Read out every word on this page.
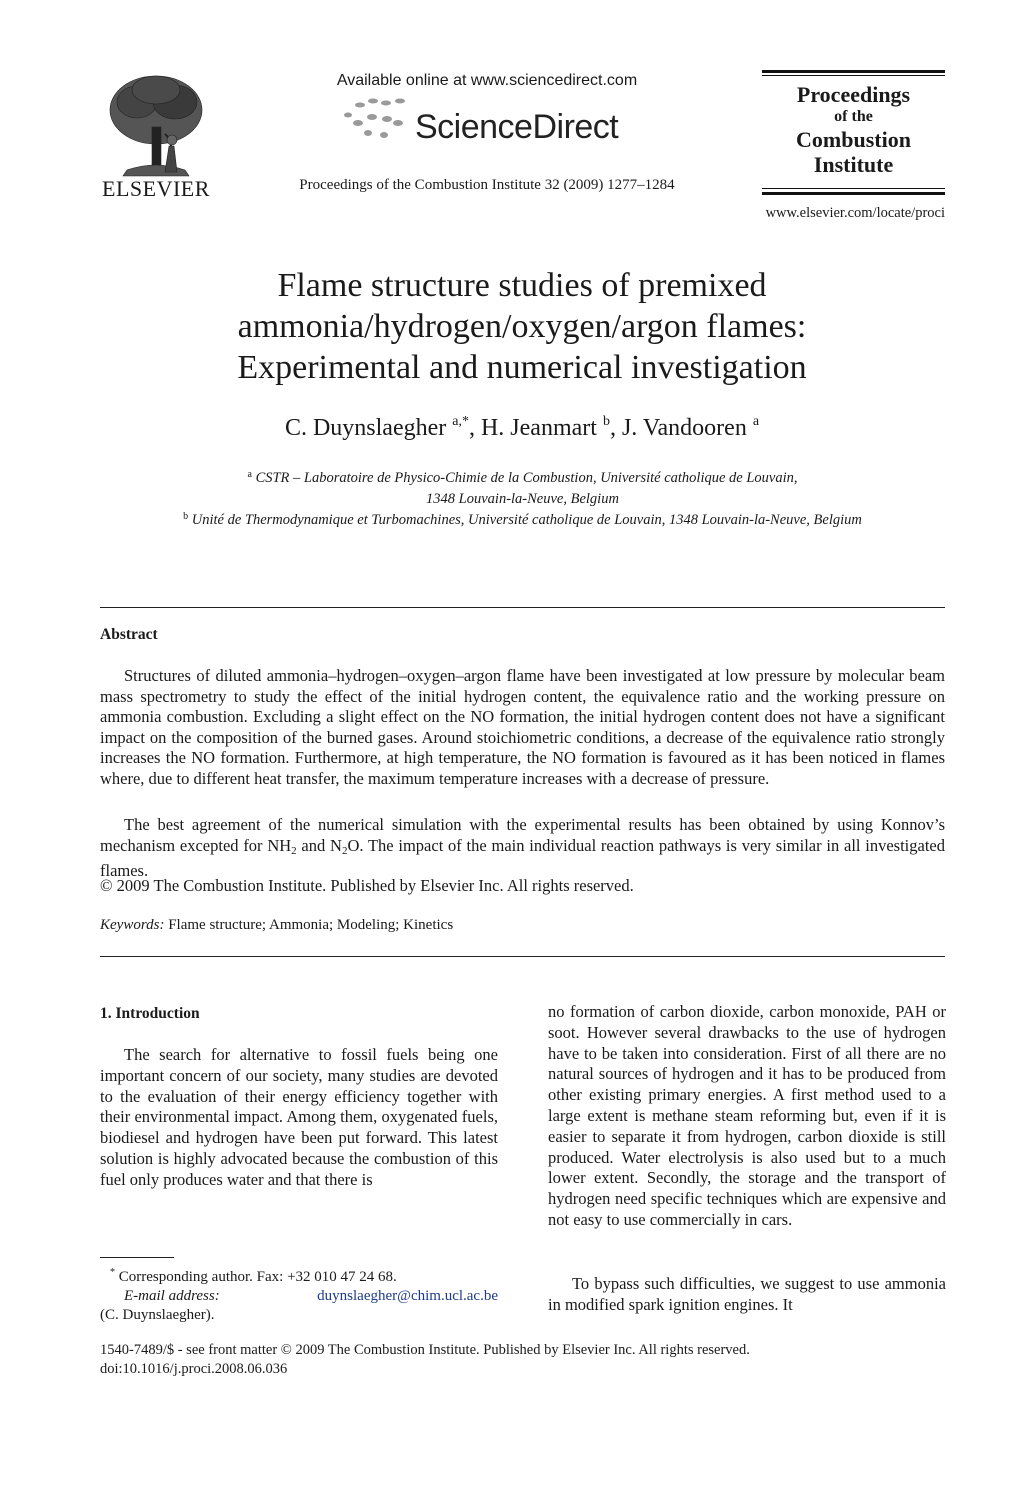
ELSEVIER
Available online at www.sciencedirect.com
ScienceDirect
Proceedings of the Combustion Institute 32 (2009) 1277–1284
Proceedings
of the
Combustion
Institute
www.elsevier.com/locate/proci
Flame structure studies of premixed
ammonia/hydrogen/oxygen/argon flames:
Experimental and numerical investigation
C. Duynslaegher $^{a,*}$, H. Jeanmart $^b$, J. Vandooren $^a$
$^a$ CSTR – Laboratoire de Physico-Chimie de la Combustion, Université catholique de Louvain,
1348 Louvain-la-Neuve, Belgium
$^b$ Unité de Thermodynamique et Turbomachines, Université catholique de Louvain, 1348 Louvain-la-Neuve, Belgium
Abstract
Structures of diluted ammonia–hydrogen–oxygen–argon flame have been investigated at low pressure by molecular beam mass spectrometry to study the effect of the initial hydrogen content, the equivalence ratio and the working pressure on ammonia combustion. Excluding a slight effect on the NO formation, the initial hydrogen content does not have a significant impact on the composition of the burned gases. Around stoichiometric conditions, a decrease of the equivalence ratio strongly increases the NO formation. Furthermore, at high temperature, the NO formation is favoured as it has been noticed in flames where, due to different heat transfer, the maximum temperature increases with a decrease of pressure.
The best agreement of the numerical simulation with the experimental results has been obtained by using Konnov’s mechanism excepted for $NH_2$ and $N_2O$. The impact of the main individual reaction pathways is very similar in all investigated flames.
© 2009 The Combustion Institute. Published by Elsevier Inc. All rights reserved.
Keywords: Flame structure; Ammonia; Modeling; Kinetics
1. Introduction
The search for alternative to fossil fuels being one important concern of our society, many studies are devoted to the evaluation of their energy efficiency together with their environmental impact. Among them, oxygenated fuels, biodiesel and hydrogen have been put forward. This latest solution is highly advocated because the combustion of this fuel only produces water and that there is
no formation of carbon dioxide, carbon monoxide, PAH or soot. However several drawbacks to the use of hydrogen have to be taken into consideration. First of all there are no natural sources of hydrogen and it has to be produced from other existing primary energies. A first method used to a large extent is methane steam reforming but, even if it is easier to separate it from hydrogen, carbon dioxide is still produced. Water electrolysis is also used but to a much lower extent. Secondly, the storage and the transport of hydrogen need specific techniques which are expensive and not easy to use commercially in cars.
To bypass such difficulties, we suggest to use ammonia in modified spark ignition engines. It
* Corresponding author. Fax: +32 010 47 24 68.
E-mail address:	duynslaegher@chim.ucl.ac.be
(C. Duynslaegher).
1540-7489/$ - see front matter © 2009 The Combustion Institute. Published by Elsevier Inc. All rights reserved.
doi:10.1016/j.proci.2008.06.036
